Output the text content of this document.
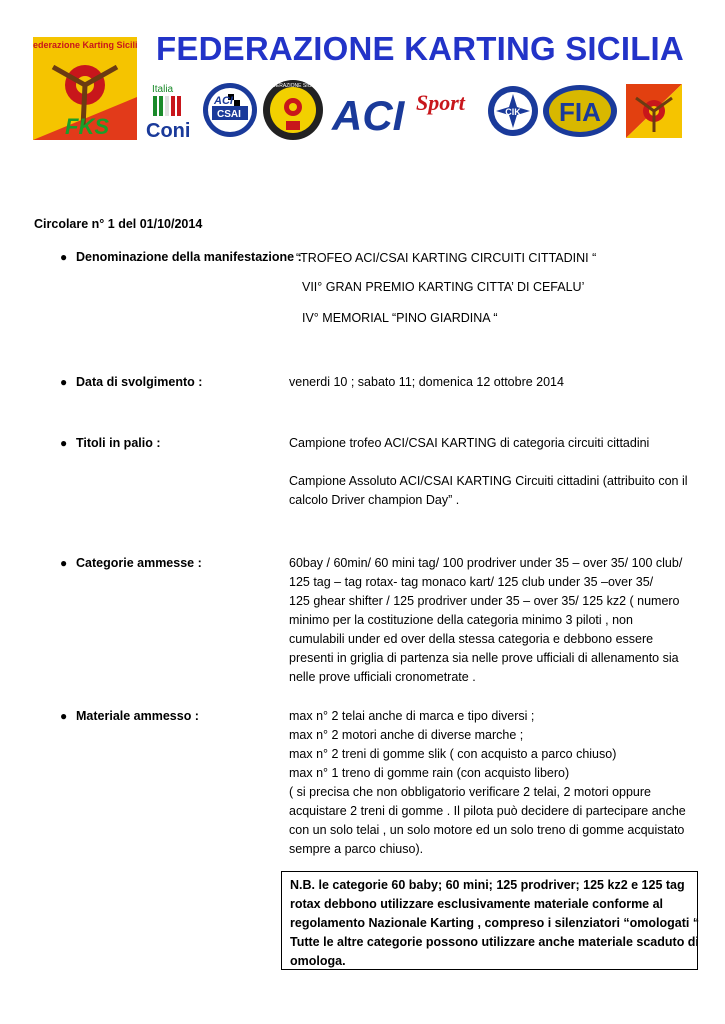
FEDERAZIONE KARTING SICILIA
Federazione Karting Sicilia
FKS
Italia
Coni
ACI
CSAI
FEDERAZIONE SICILIA
ACI Sport	CIK FIA
Circolare n° 1 del 01/10/2014
● Denominazione della manifestazione :
“TROFEO ACI/CSAI KARTING CIRCUITI CITTADINI “
VII° GRAN PREMIO KARTING CITTA’ DI CEFALU’
IV° MEMORIAL “PINO GIARDINA “
● Data di svolgimento :	venerdi 10 ; sabato 11; domenica 12 ottobre 2014
● Titoli in palio :	Campione trofeo ACI/CSAI KARTING di categoria circuiti cittadini
Campione Assoluto ACI/CSAI KARTING Circuiti cittadini (attribuito con il
calcolo Driver champion Day” .
● Categorie ammesse :	60bay / 60min/ 60 mini tag/ 100 prodriver under 35 – over 35/ 100 club/
125 tag – tag rotax- tag monaco kart/ 125 club under 35 –over 35/
125 ghear shifter / 125 prodriver under 35 – over 35/ 125 kz2 ( numero
minimo per la costituzione della categoria minimo 3 piloti , non
cumulabili under ed over della stessa categoria e debbono essere
presenti in griglia di partenza sia nelle prove ufficiali di allenamento sia
nelle prove ufficiali cronometrate .
● Materiale ammesso :	max n° 2 telai anche di marca e tipo diversi ;
max n° 2 motori anche di diverse marche ;
max n° 2 treni di gomme slik ( con acquisto a parco chiuso)
max n° 1 treno di gomme rain (con acquisto libero)
( si precisa che non obbligatorio verificare 2 telai, 2 motori oppure
acquistare 2 treni di gomme . Il pilota può decidere di partecipare anche
con un solo telai , un solo motore ed un solo treno di gomme acquistato
sempre a parco chiuso).
N.B. le categorie 60 baby; 60 mini; 125 prodriver; 125 kz2 e 125 tag
rotax debbono utilizzare esclusivamente materiale conforme al
regolamento Nazionale Karting , compreso i silenziatori “omologati “
Tutte le altre categorie possono utilizzare anche materiale scaduto di
omologa.
